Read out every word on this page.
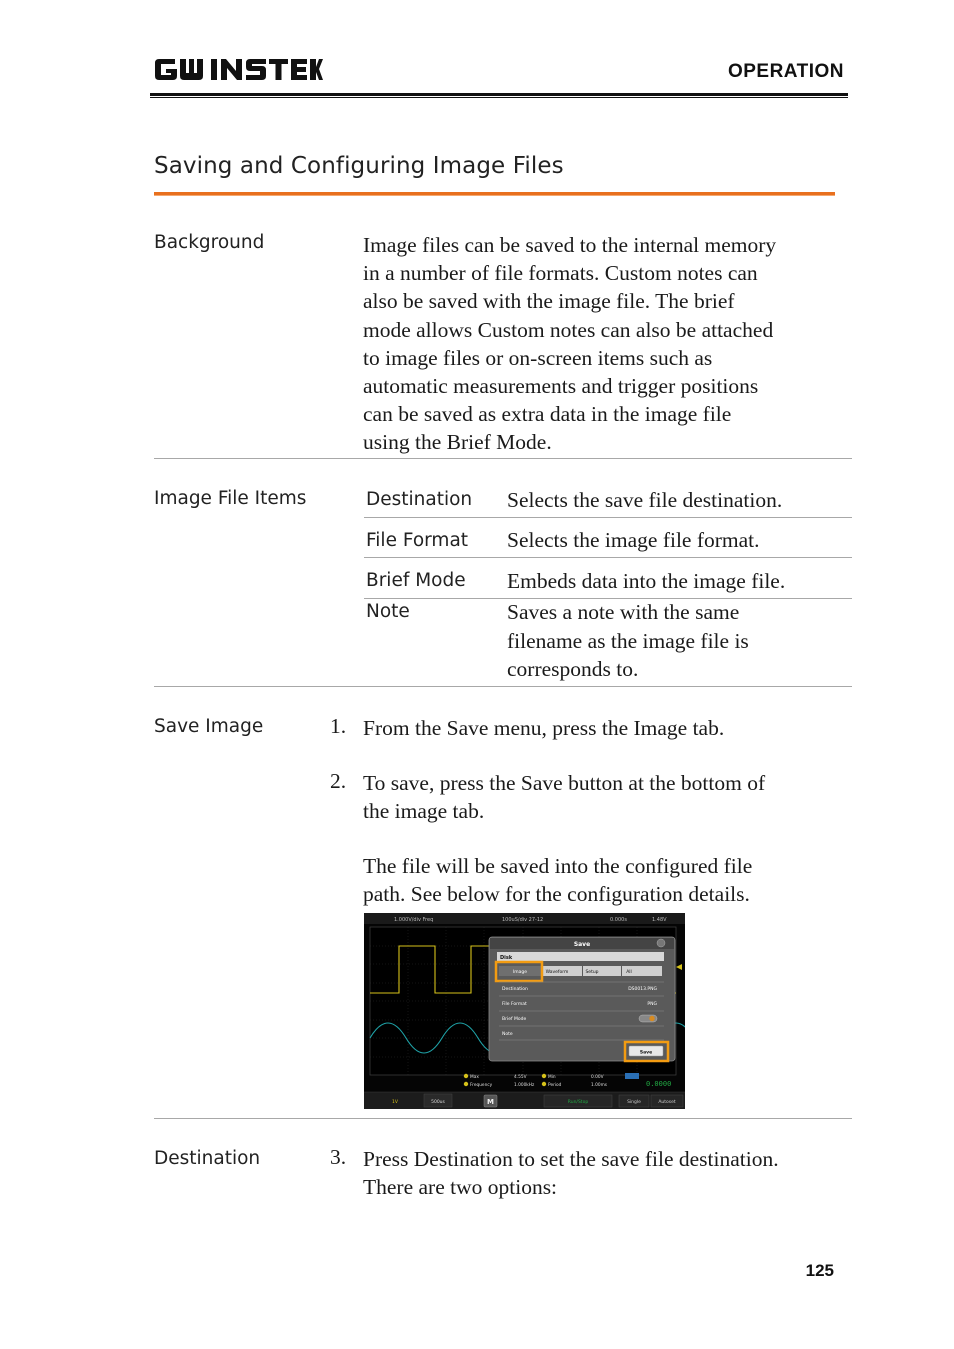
OPERATION
Saving and Configuring Image Files
Background	Image files can be saved to the internal memory
in a number of file formats. Custom notes can
also be saved with the image file. The brief
mode allows Custom notes can also be attached
to image files or on-screen items such as
automatic measurements and trigger positions
can be saved as extra data in the image file
using the Brief Mode.
Image File Items	Destination Selects the save file destination.
File Format Selects the image file format.
Brief Mode Embeds data into the image file.
Note	Saves a note with the same
filename as the image file is
corresponds to.
Save Image	1. From the Save menu, press the Image tab.
2. To save, press the Save button at the bottom of
the image tab.
The file will be saved into the configured file
path. See below for the configuration details.
1.000V/div Freq	100uS/div 27-12	0.000s	1.48V
Save
Disk
Image	Waveform	Setup	All
Destination	DS0013.PNG
File Format	PNG
Brief Mode
Note
Save
Max	4.55V	Min	0.00V
Frequency	1.000kHz	Period	1.00ms	0.0000
1V	500us	M	Run/Stop	Single	Autoset
Destination	3. Press Destination to set the save file destination.
There are two options:
125
